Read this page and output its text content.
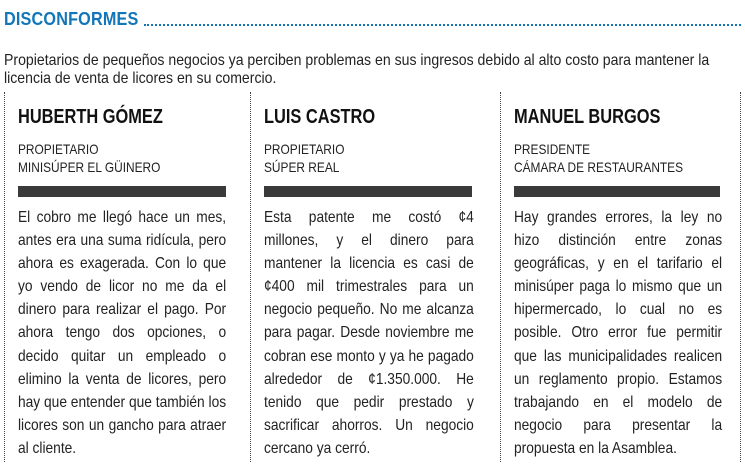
DISCONFORMES
Propietarios de pequeños negocios ya perciben problemas en sus ingresos debido al alto costo para mantener la licencia de venta de licores en su comercio.
HUBERTH GÓMEZ
PROPIETARIO
MINISÚPER EL GÜINERO
El cobro me llegó hace un mes, antes era una suma ridícula, pero ahora es exagerada. Con lo que yo vendo de licor no me da el dinero para realizar el pago. Por ahora tengo dos opciones, o decido quitar un empleado o elimino la venta de licores, pero hay que entender que también los licores son un gancho para atraer al cliente.
LUIS CASTRO
PROPIETARIO
SÚPER REAL
Esta patente me costó ¢4 millones, y el dinero para mantener la licencia es casi de ¢400 mil trimestrales para un negocio pequeño. No me alcanza para pagar. Desde noviembre me cobran ese monto y ya he pagado alrededor de ¢1.350.000. He tenido que pedir prestado y sacrificar ahorros. Un negocio cercano ya cerró.
MANUEL BURGOS
PRESIDENTE
CÁMARA DE RESTAURANTES
Hay grandes errores, la ley no hizo distinción entre zonas geográficas, y en el tarifario el minisúper paga lo mismo que un hipermercado, lo cual no es posible. Otro error fue permitir que las municipalidades realicen un reglamento propio. Estamos trabajando en el modelo de negocio para presentar la propuesta en la Asamblea.
